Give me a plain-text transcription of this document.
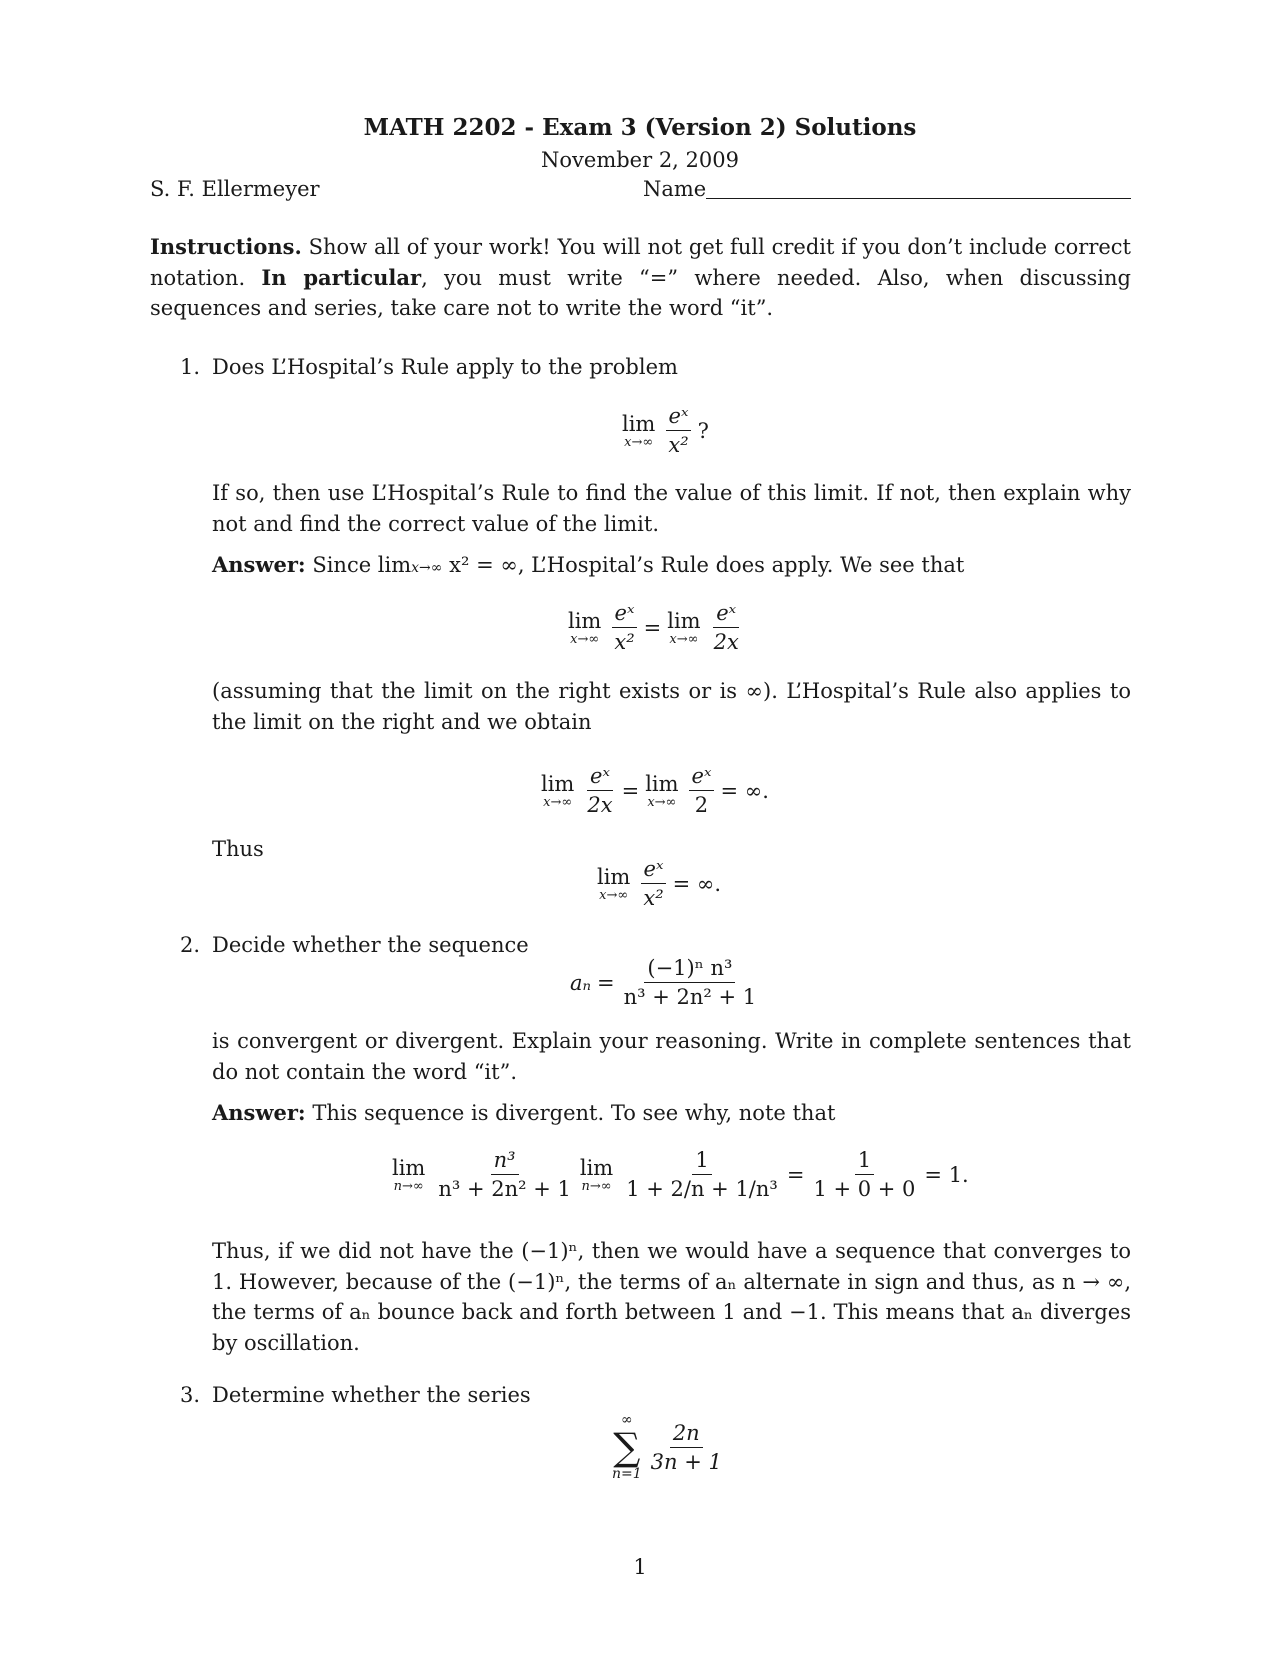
MATH 2202 - Exam 3 (Version 2) Solutions
November 2, 2009
S. F. Ellermeyer	Name
Instructions. Show all of your work! You will not get full credit if you don’t include correct notation. In particular, you must write “=” where needed. Also, when discussing sequences and series, take care not to write the word “it”.
1. Does L’Hospital’s Rule apply to the problem
lim
$x\to\infty \frac{\text{eˣ}}{\text{x²}}$ ?
If so, then use L’Hospital’s Rule to find the value of this limit. If not, then explain why not and find the correct value of the limit.
Answer: Since limx→∞ x² = ∞, L’Hospital’s Rule does apply. We see that
lim
$x\to\infty \frac{\text{eˣ}}{\text{x²}} = \lim$
$x\to\infty \frac{\text{eˣ}}{2x}$
(assuming that the limit on the right exists or is ∞). L’Hospital’s Rule also applies to the limit on the right and we obtain
lim
$x\to\infty \frac{\text{eˣ}}{2x} = \lim$
$x\to\infty \frac{\text{eˣ}}{2}$ = ∞.
Thus
lim
$x\to\infty \frac{\text{eˣ}}{\text{x²}}$ = ∞.
2. Decide whether the sequence
$a_n = \frac{\text{(−1)ⁿ n³}}{\text{n³ + 2n² + 1}}$
is convergent or divergent. Explain your reasoning. Write in complete sentences that do not contain the word “it”.
Answer: This sequence is divergent. To see why, note that
lim
$n\to\infty \frac{\text{n³}}{\text{n³ + 2n² + 1}}$ lim
$n\to\infty \frac{1}{\text{1 + 2/n + 1/n³}} = \frac{1}{1 + 0 + 0} = 1$.
Thus, if we did not have the (−1)ⁿ, then we would have a sequence that converges to 1. However, because of the (−1)ⁿ, the terms of aₙ alternate in sign and thus, as n → ∞, the terms of aₙ bounce back and forth between 1 and −1. This means that aₙ diverges by oscillation.
3. Determine whether the series
∞
∑
n=1
$\frac{2n}{3n + 1}$
1
